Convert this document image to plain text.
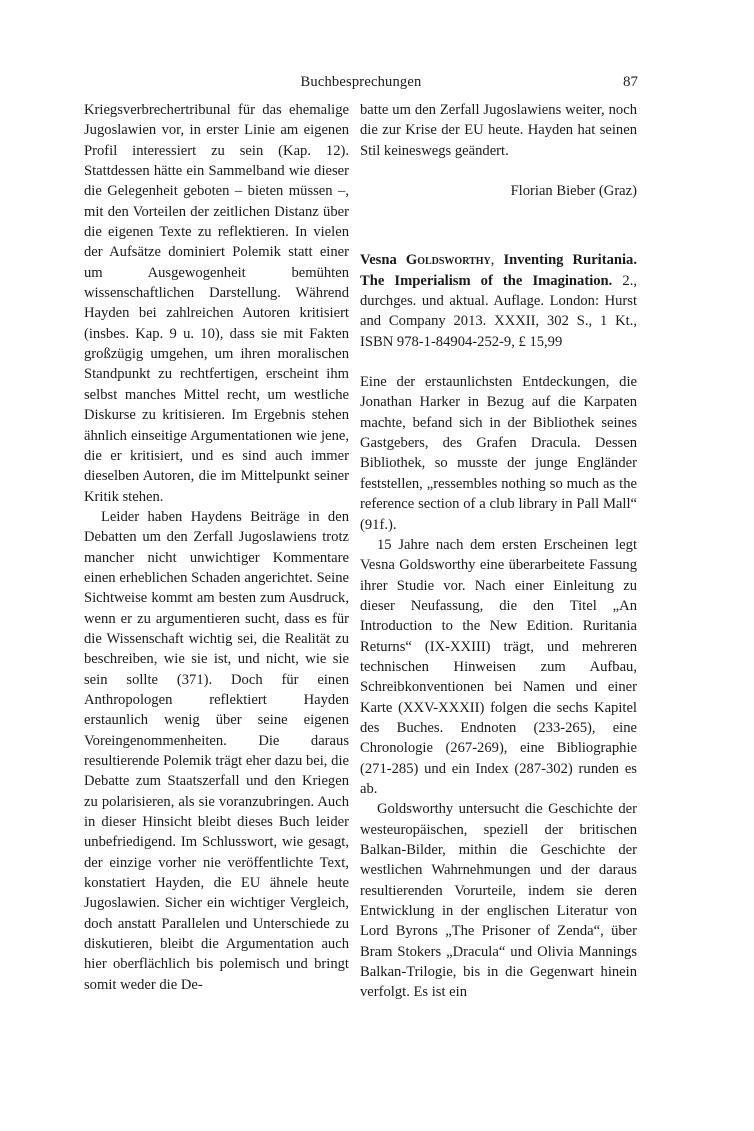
Buchbesprechungen	87

Kriegsverbrechertribunal für das ehemalige Jugoslawien vor, in erster Linie am eigenen Profil interessiert zu sein (Kap. 12). Stattdessen hätte ein Sammelband wie dieser die Gelegenheit geboten – bieten müssen –, mit den Vorteilen der zeitlichen Distanz über die eigenen Texte zu reflektieren. In vielen der Aufsätze dominiert Polemik statt einer um Ausgewogenheit bemühten wissenschaftlichen Darstellung. Während Hayden bei zahlreichen Autoren kritisiert (insbes. Kap. 9 u. 10), dass sie mit Fakten großzügig umgehen, um ihren moralischen Standpunkt zu rechtfertigen, erscheint ihm selbst manches Mittel recht, um westliche Diskurse zu kritisieren. Im Ergebnis stehen ähnlich einseitige Argumentationen wie jene, die er kritisiert, und es sind auch immer dieselben Autoren, die im Mittelpunkt seiner Kritik stehen.

Leider haben Haydens Beiträge in den Debatten um den Zerfall Jugoslawiens trotz mancher nicht unwichtiger Kommentare einen erheblichen Schaden angerichtet. Seine Sichtweise kommt am besten zum Ausdruck, wenn er zu argumentieren sucht, dass es für die Wissenschaft wichtig sei, die Realität zu beschreiben, wie sie ist, und nicht, wie sie sein sollte (371). Doch für einen Anthropologen reflektiert Hayden erstaunlich wenig über seine eigenen Voreingenommenheiten. Die daraus resultierende Polemik trägt eher dazu bei, die Debatte zum Staatszerfall und den Kriegen zu polarisieren, als sie voranzubringen. Auch in dieser Hinsicht bleibt dieses Buch leider unbefriedigend. Im Schlusswort, wie gesagt, der einzige vorher nie veröffentlichte Text, konstatiert Hayden, die EU ähnele heute Jugoslawien. Sicher ein wichtiger Vergleich, doch anstatt Parallelen und Unterschiede zu diskutieren, bleibt die Argumentation auch hier oberflächlich bis polemisch und bringt somit weder die De-

batte um den Zerfall Jugoslawiens weiter, noch die zur Krise der EU heute. Hayden hat seinen Stil keineswegs geändert.

Florian Bieber (Graz)

Vesna Goldsworthy, Inventing Ruritania. The Imperialism of the Imagination. 2., durchges. und aktual. Auflage. London: Hurst and Company 2013. XXXII, 302 S., 1 Kt., ISBN 978-1-84904-252-9, £ 15,99

Eine der erstaunlichsten Entdeckungen, die Jonathan Harker in Bezug auf die Karpaten machte, befand sich in der Bibliothek seines Gastgebers, des Grafen Dracula. Dessen Bibliothek, so musste der junge Engländer feststellen, „ressembles nothing so much as the reference section of a club library in Pall Mall“ (91f.).

15 Jahre nach dem ersten Erscheinen legt Vesna Goldsworthy eine überarbeitete Fassung ihrer Studie vor. Nach einer Einleitung zu dieser Neufassung, die den Titel „An Introduction to the New Edition. Ruritania Returns“ (IX-XXIII) trägt, und mehreren technischen Hinweisen zum Aufbau, Schreibkonventionen bei Namen und einer Karte (XXV-XXXII) folgen die sechs Kapitel des Buches. Endnoten (233-265), eine Chronologie (267-269), eine Bibliographie (271-285) und ein Index (287-302) runden es ab.

Goldsworthy untersucht die Geschichte der westeuropäischen, speziell der britischen Balkan-Bilder, mithin die Geschichte der westlichen Wahrnehmungen und der daraus resultierenden Vorurteile, indem sie deren Entwicklung in der englischen Literatur von Lord Byrons „The Prisoner of Zenda“, über Bram Stokers „Dracula“ und Olivia Mannings Balkan-Trilogie, bis in die Gegenwart hinein verfolgt. Es ist ein
